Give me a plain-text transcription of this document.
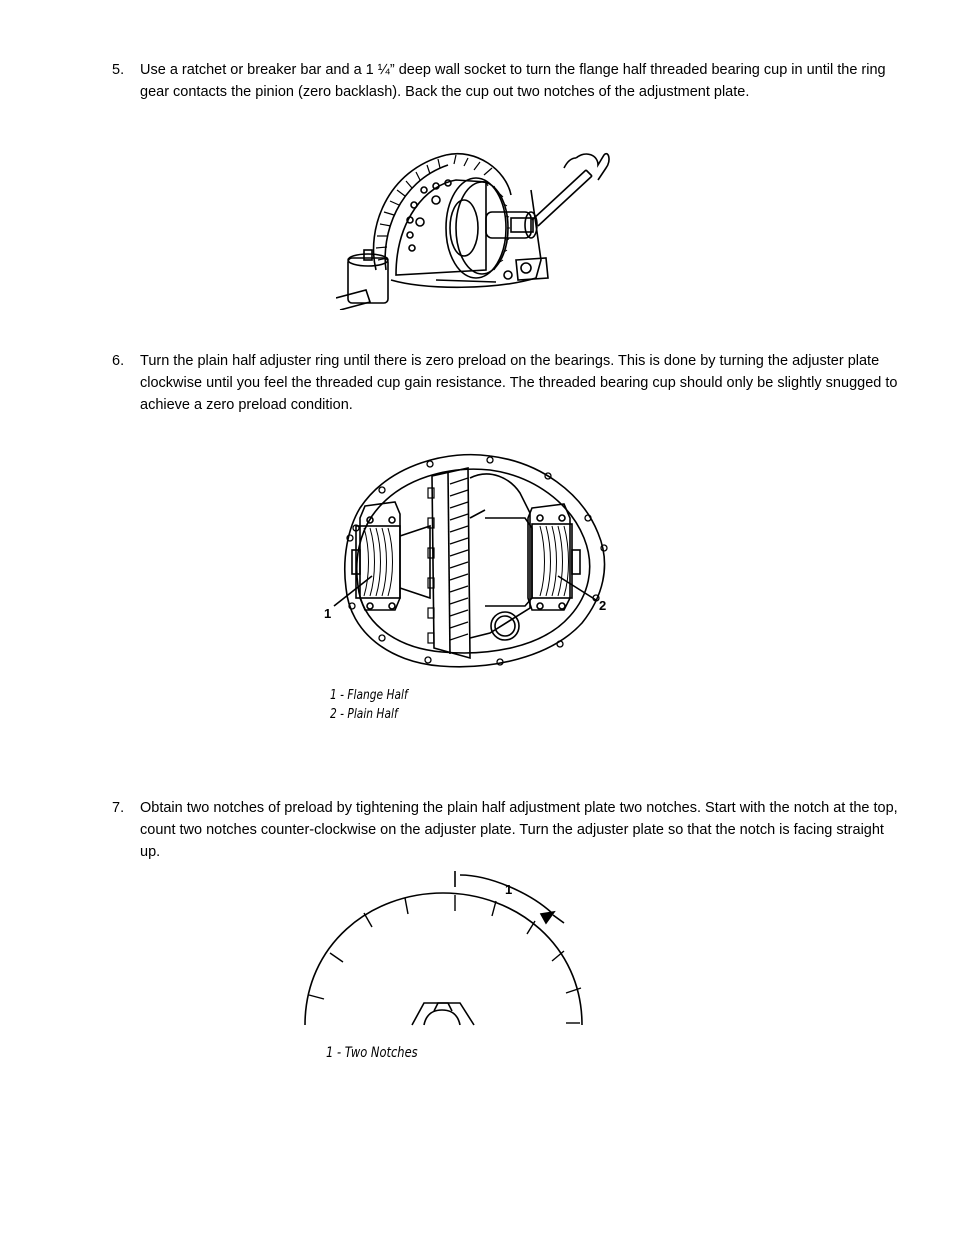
5. Use a ratchet or breaker bar and a 1 ¼” deep wall socket to turn the flange half threaded bearing cup in until the ring gear contacts the pinion (zero backlash). Back the cup out two notches of the adjustment plate.
6. Turn the plain half adjuster ring until there is zero preload on the bearings. This is done by turning the adjuster plate clockwise until you feel the threaded cup gain resistance. The threaded bearing cup should only be slightly snugged to achieve a zero preload condition.
1
2
1 - Flange Half
2 - Plain Half
7. Obtain two notches of preload by tightening the plain half adjustment plate two notches. Start with the notch at the top, count two notches counter-clockwise on the adjuster plate. Turn the adjuster plate so that the notch is facing straight up.
1
1 - Two Notches
